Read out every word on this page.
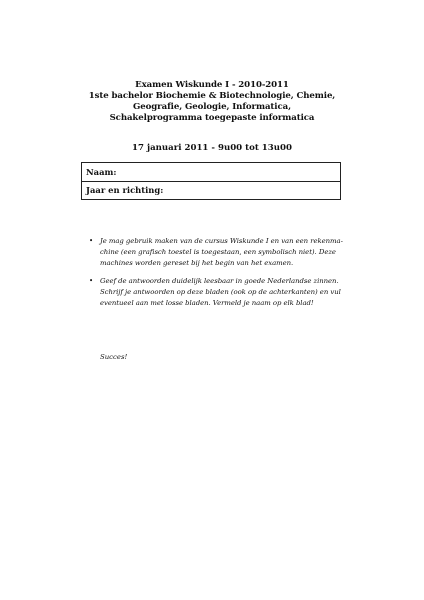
Examen Wiskunde I - 2010-2011
1ste bachelor Biochemie & Biotechnologie, Chemie,
Geografie, Geologie, Informatica,
Schakelprogramma toegepaste informatica
17 januari 2011 - 9u00 tot 13u00
Naam:
Jaar en richting:
• Je mag gebruik maken van de cursus Wiskunde I en van een rekenma-
chine (een grafisch toestel is toegestaan, een symbolisch niet). Deze
machines worden gereset bij het begin van het examen.
• Geef de antwoorden duidelijk leesbaar in goede Nederlandse zinnen.
Schrijf je antwoorden op deze bladen (ook op de achterkanten) en vul
eventueel aan met losse bladen. Vermeld je naam op elk blad!
Succes!
